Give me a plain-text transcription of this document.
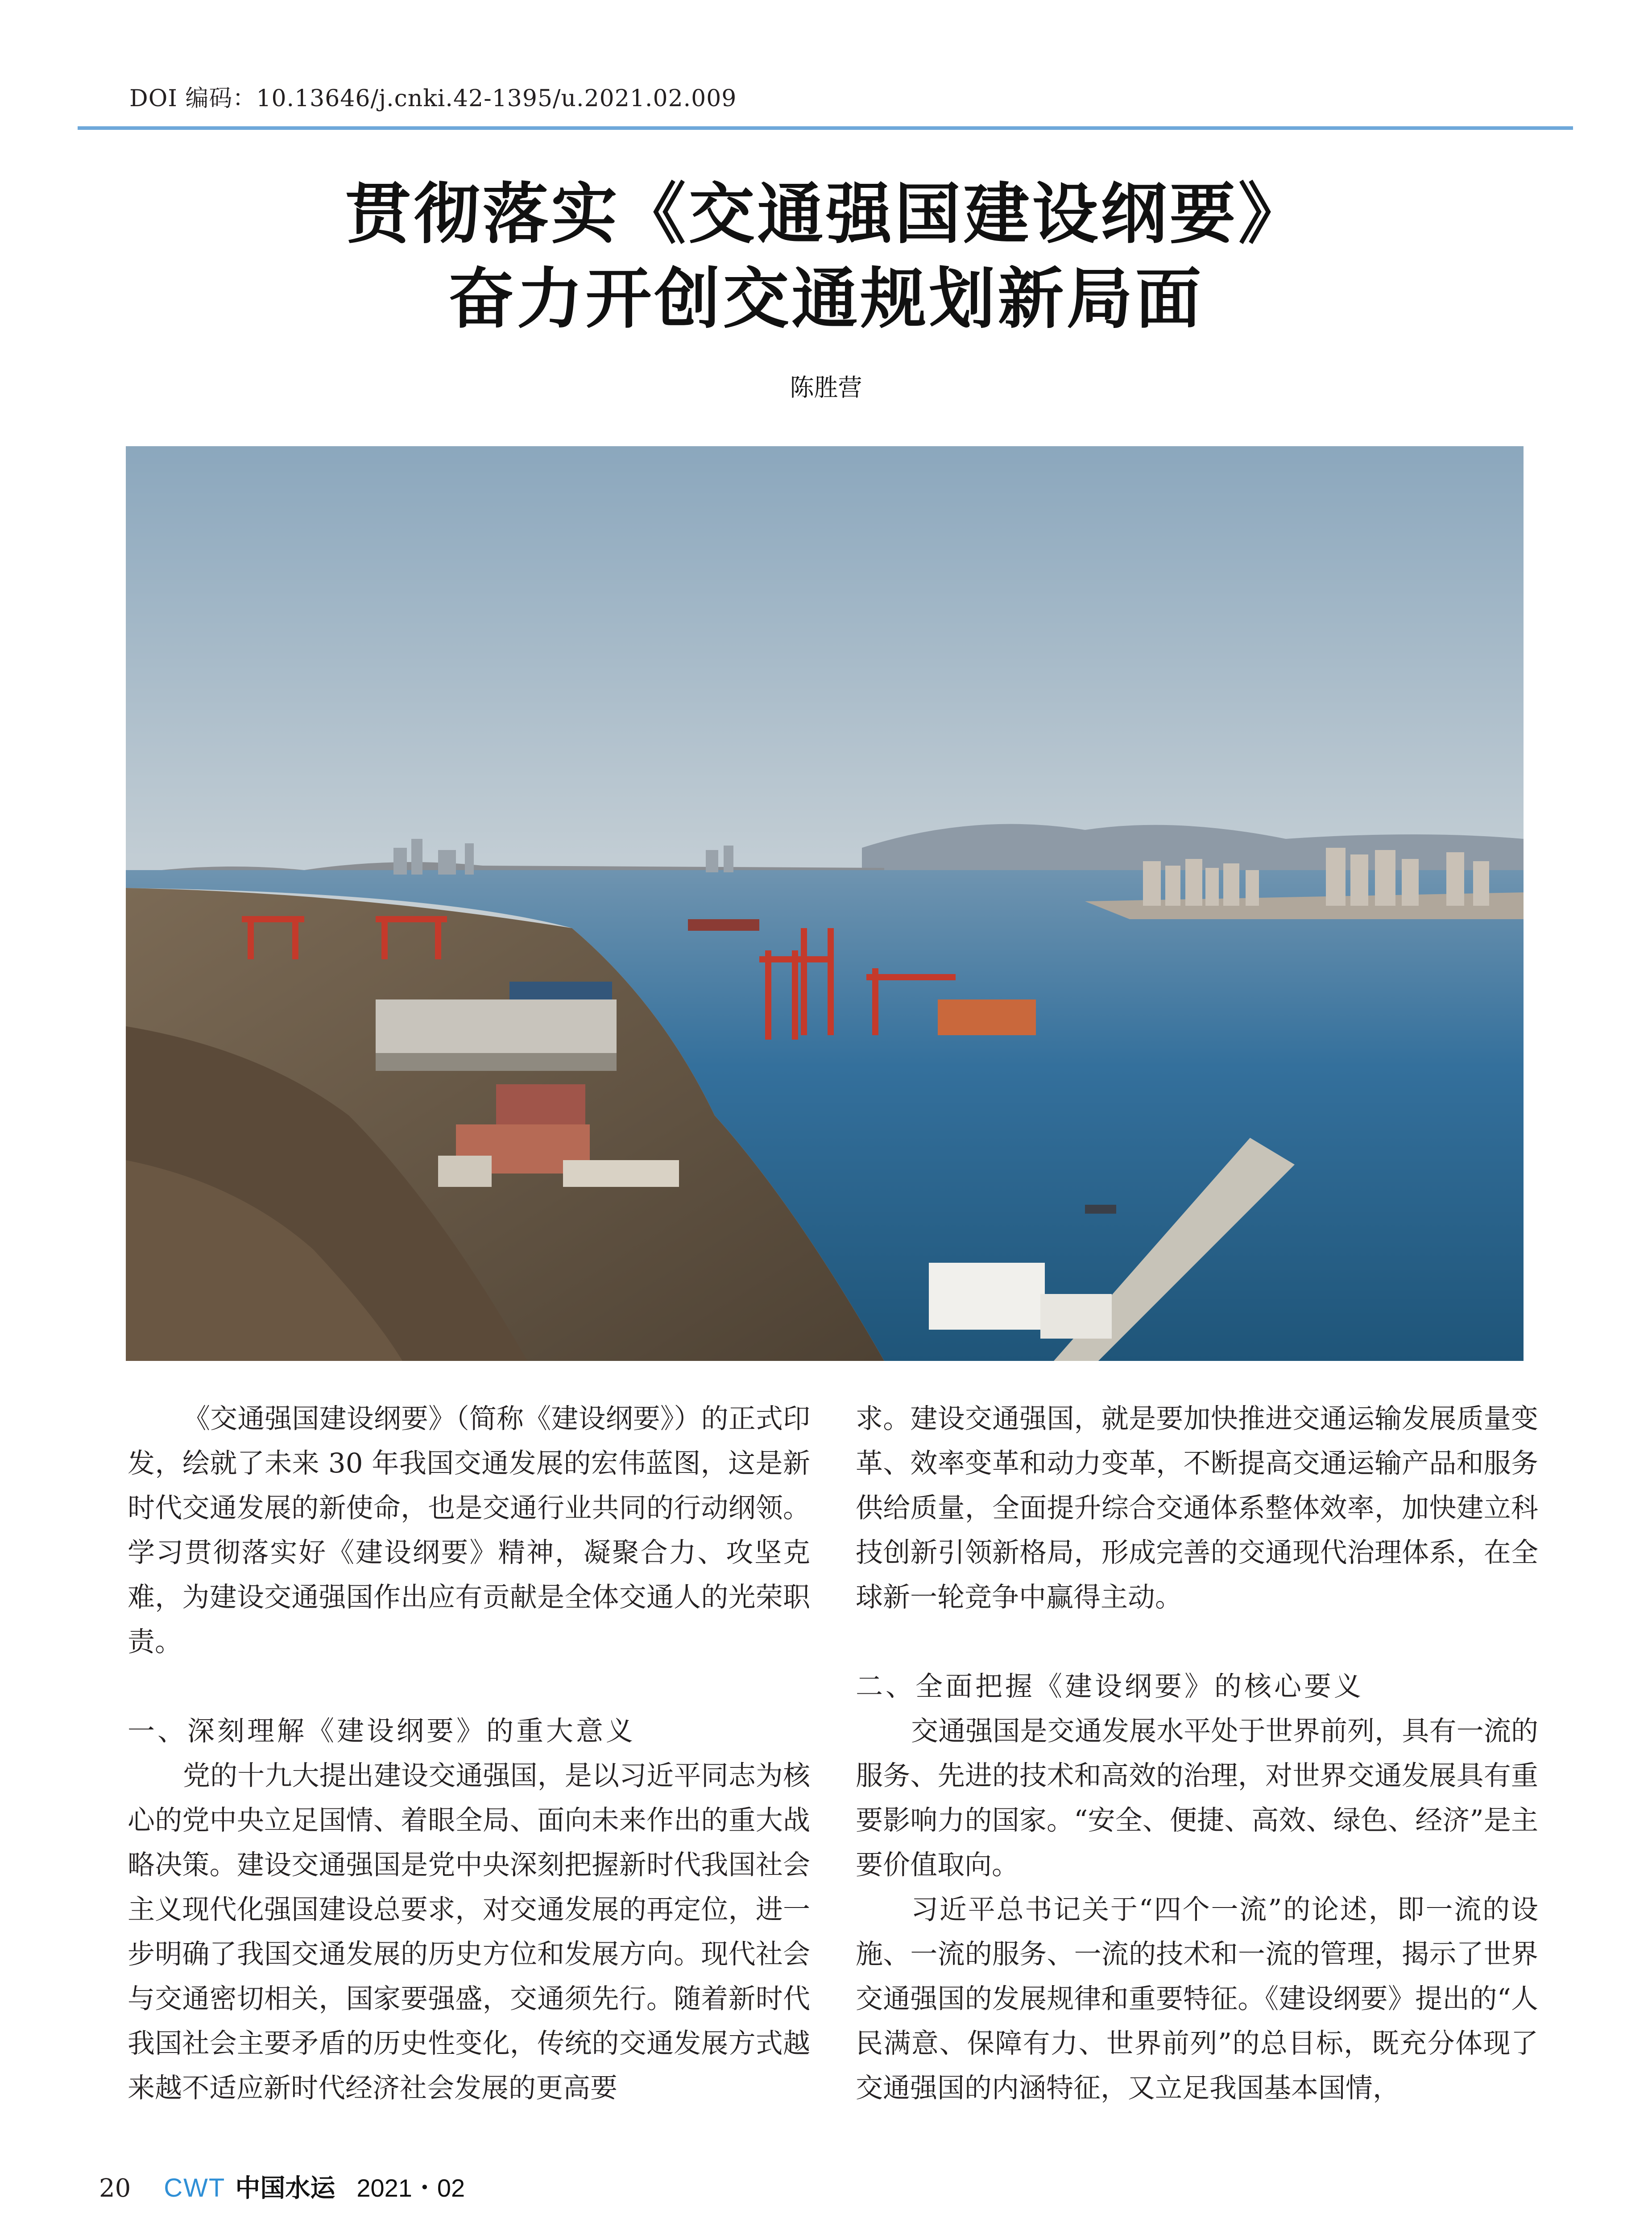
DOI 编码：10.13646/j.cnki.42-1395/u.2021.02.009
贯彻落实《交通强国建设纲要》
奋力开创交通规划新局面
陈胜营

《交通强国建设纲要》（简称《建设纲要》）的正式印发，绘就了未来 30 年我国交通发展的宏伟蓝图，这是新时代交通发展的新使命，也是交通行业共同的行动纲领。学习贯彻落实好《建设纲要》精神，凝聚合力、攻坚克难，为建设交通强国作出应有贡献是全体交通人的光荣职责。

一、深刻理解《建设纲要》的重大意义

党的十九大提出建设交通强国，是以习近平同志为核心的党中央立足国情、着眼全局、面向未来作出的重大战略决策。建设交通强国是党中央深刻把握新时代我国社会主义现代化强国建设总要求，对交通发展的再定位，进一步明确了我国交通发展的历史方位和发展方向。现代社会与交通密切相关，国家要强盛，交通须先行。随着新时代我国社会主要矛盾的历史性变化，传统的交通发展方式越来越不适应新时代经济社会发展的更高要

求。建设交通强国，就是要加快推进交通运输发展质量变革、效率变革和动力变革，不断提高交通运输产品和服务供给质量，全面提升综合交通体系整体效率，加快建立科技创新引领新格局，形成完善的交通现代治理体系，在全球新一轮竞争中赢得主动。

二、全面把握《建设纲要》的核心要义

交通强国是交通发展水平处于世界前列，具有一流的服务、先进的技术和高效的治理，对世界交通发展具有重要影响力的国家。“安全、便捷、高效、绿色、经济”是主要价值取向。

习近平总书记关于“四个一流”的论述，即一流的设施、一流的服务、一流的技术和一流的管理，揭示了世界交通强国的发展规律和重要特征。《建设纲要》提出的“人民满意、保障有力、世界前列”的总目标，既充分体现了交通强国的内涵特征，又立足我国基本国情，

20 CWT 中国水运 2021・02
